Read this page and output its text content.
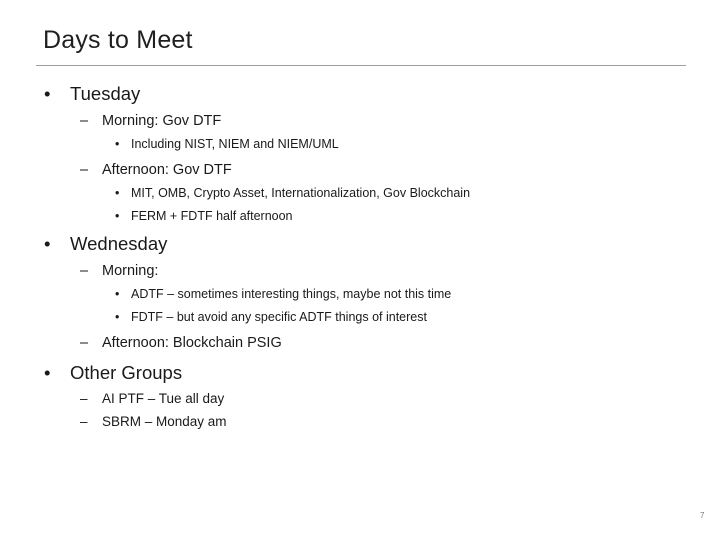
Days to Meet
• Tuesday
– Morning: Gov DTF
• Including NIST, NIEM and NIEM/UML
– Afternoon: Gov DTF
• MIT, OMB, Crypto Asset, Internationalization, Gov Blockchain
• FERM + FDTF half afternoon
• Wednesday
– Morning:
• ADTF – sometimes interesting things, maybe not this time
• FDTF – but avoid any specific ADTF things of interest
– Afternoon: Blockchain PSIG
• Other Groups
– AI PTF – Tue all day
– SBRM – Monday am
7
